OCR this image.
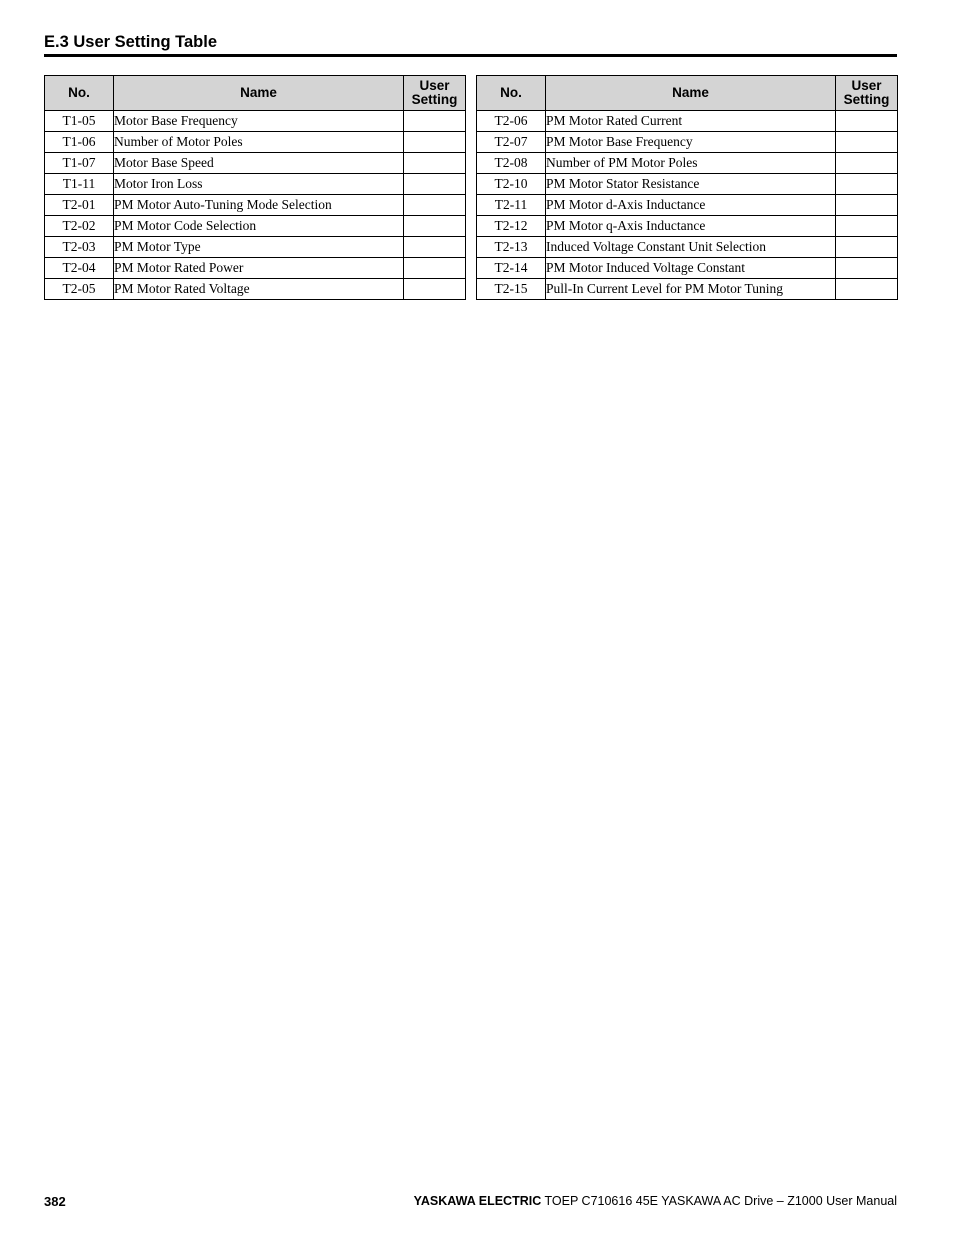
E.3 User Setting Table
No.	Name	User
Setting
T1-05	Motor Base Frequency	
T1-06	Number of Motor Poles	
T1-07	Motor Base Speed	
T1-11	Motor Iron Loss	
T2-01	PM Motor Auto-Tuning Mode Selection	
T2-02	PM Motor Code Selection	
T2-03	PM Motor Type	
T2-04	PM Motor Rated Power	
T2-05	PM Motor Rated Voltage	
No.	Name	User
Setting
T2-06	PM Motor Rated Current	
T2-07	PM Motor Base Frequency	
T2-08	Number of PM Motor Poles	
T2-10	PM Motor Stator Resistance	
T2-11	PM Motor d-Axis Inductance	
T2-12	PM Motor q-Axis Inductance	
T2-13	Induced Voltage Constant Unit Selection	
T2-14	PM Motor Induced Voltage Constant	
T2-15	Pull-In Current Level for PM Motor Tuning	
382	YASKAWA ELECTRIC TOEP C710616 45E YASKAWA AC Drive – Z1000 User Manual
